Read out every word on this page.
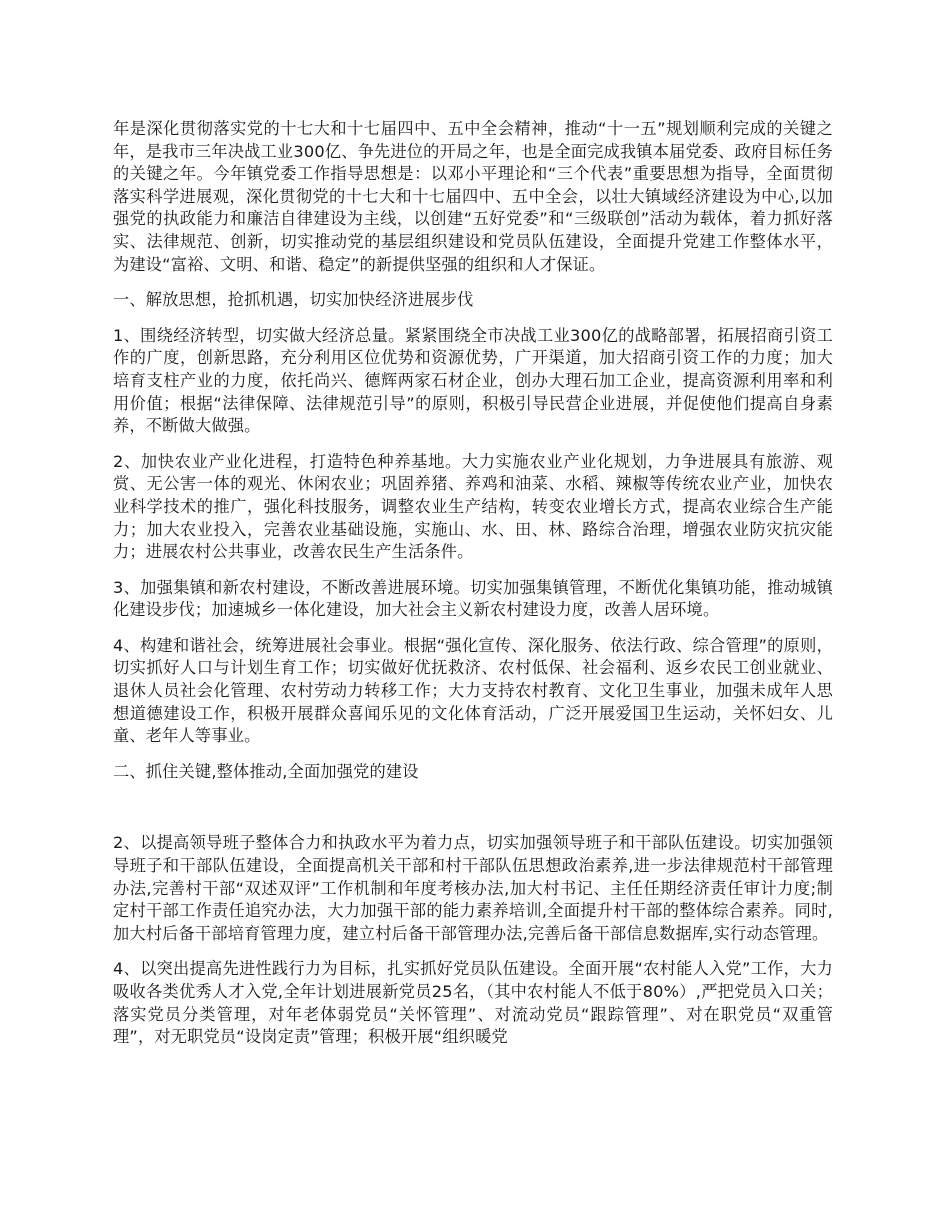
年是深化贯彻落实党的十七大和十七届四中、五中全会精神，推动“十一五”规划顺利完成的关键之年，是我市三年决战工业300亿、争先进位的开局之年，也是全面完成我镇本届党委、政府目标任务的关键之年。今年镇党委工作指导思想是：以邓小平理论和“三个代表”重要思想为指导，全面贯彻落实科学进展观，深化贯彻党的十七大和十七届四中、五中全会，以壮大镇域经济建设为中心,以加强党的执政能力和廉洁自律建设为主线，以创建“五好党委”和“三级联创”活动为载体，着力抓好落实、法律规范、创新，切实推动党的基层组织建设和党员队伍建设，全面提升党建工作整体水平，为建设“富裕、文明、和谐、稳定”的新提供坚强的组织和人才保证。

一、解放思想，抢抓机遇，切实加快经济进展步伐

1、围绕经济转型，切实做大经济总量。紧紧围绕全市决战工业300亿的战略部署，拓展招商引资工作的广度，创新思路，充分利用区位优势和资源优势，广开渠道，加大招商引资工作的力度；加大培育支柱产业的力度，依托尚兴、德辉两家石材企业，创办大理石加工企业，提高资源利用率和利用价值；根据“法律保障、法律规范引导”的原则，积极引导民营企业进展，并促使他们提高自身素养，不断做大做强。

2、加快农业产业化进程，打造特色种养基地。大力实施农业产业化规划，力争进展具有旅游、观赏、无公害一体的观光、休闲农业；巩固养猪、养鸡和油菜、水稻、辣椒等传统农业产业，加快农业科学技术的推广，强化科技服务，调整农业生产结构，转变农业增长方式，提高农业综合生产能力；加大农业投入，完善农业基础设施，实施山、水、田、林、路综合治理，增强农业防灾抗灾能力；进展农村公共事业，改善农民生产生活条件。

3、加强集镇和新农村建设，不断改善进展环境。切实加强集镇管理，不断优化集镇功能，推动城镇化建设步伐；加速城乡一体化建设，加大社会主义新农村建设力度，改善人居环境。

4、构建和谐社会，统筹进展社会事业。根据“强化宣传、深化服务、依法行政、综合管理”的原则，切实抓好人口与计划生育工作；切实做好优抚救济、农村低保、社会福利、返乡农民工创业就业、退休人员社会化管理、农村劳动力转移工作；大力支持农村教育、文化卫生事业，加强未成年人思想道德建设工作，积极开展群众喜闻乐见的文化体育活动，广泛开展爱国卫生运动，关怀妇女、儿童、老年人等事业。

二、抓住关键,整体推动,全面加强党的建设

2、以提高领导班子整体合力和执政水平为着力点，切实加强领导班子和干部队伍建设。切实加强领导班子和干部队伍建设，全面提高机关干部和村干部队伍思想政治素养,进一步法律规范村干部管理办法,完善村干部“双述双评”工作机制和年度考核办法,加大村书记、主任任期经济责任审计力度;制定村干部工作责任追究办法，大力加强干部的能力素养培训,全面提升村干部的整体综合素养。同时,加大村后备干部培育管理力度，建立村后备干部管理办法,完善后备干部信息数据库,实行动态管理。

4、以突出提高先进性践行力为目标，扎实抓好党员队伍建设。全面开展“农村能人入党”工作，大力吸收各类优秀人才入党,全年计划进展新党员25名，（其中农村能人不低于80%）,严把党员入口关；落实党员分类管理，对年老体弱党员“关怀管理”、对流动党员“跟踪管理”、对在职党员“双重管理”，对无职党员“设岗定责”管理；积极开展“组织暖党
